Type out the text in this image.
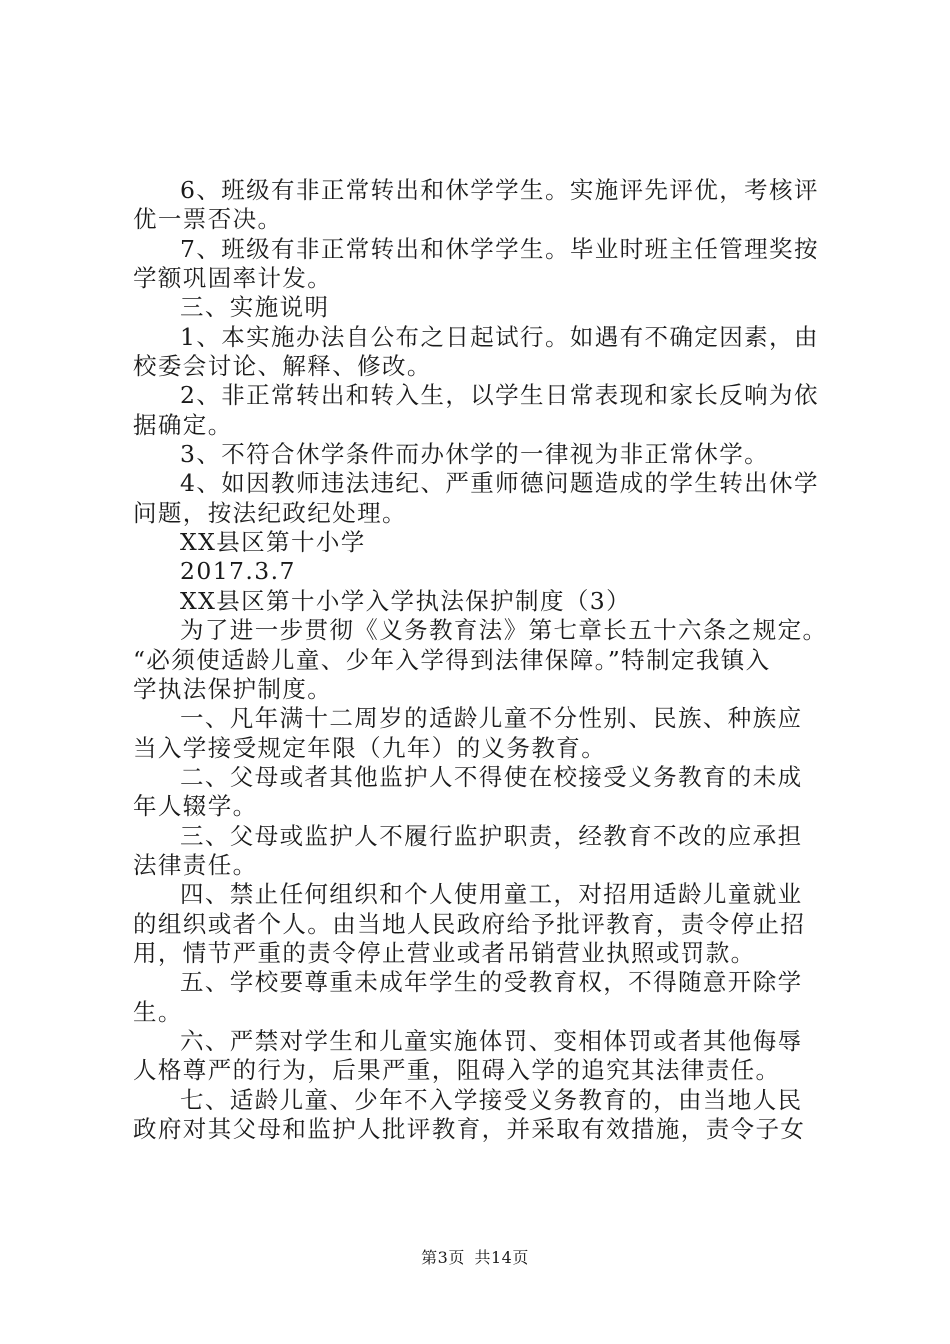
6、班级有非正常转出和休学学生。实施评先评优，考核评
优一票否决。
7、班级有非正常转出和休学学生。毕业时班主任管理奖按
学额巩固率计发。
三、实施说明
1、本实施办法自公布之日起试行。如遇有不确定因素，由
校委会讨论、解释、修改。
2、非正常转出和转入生，以学生日常表现和家长反响为依
据确定。
3、不符合休学条件而办休学的一律视为非正常休学。
4、如因教师违法违纪、严重师德问题造成的学生转出休学
问题，按法纪政纪处理。
XX县区第十小学
2017.3.7
XX县区第十小学入学执法保护制度（3）
为了进一步贯彻《义务教育法》第七章长五十六条之规定。
“必须使适龄儿童、少年入学得到法律保障。”特制定我镇入
学执法保护制度。
一、凡年满十二周岁的适龄儿童不分性别、民族、种族应
当入学接受规定年限（九年）的义务教育。
二、父母或者其他监护人不得使在校接受义务教育的未成
年人辍学。
三、父母或监护人不履行监护职责，经教育不改的应承担
法律责任。
四、禁止任何组织和个人使用童工，对招用适龄儿童就业
的组织或者个人。由当地人民政府给予批评教育，责令停止招
用，情节严重的责令停止营业或者吊销营业执照或罚款。
五、学校要尊重未成年学生的受教育权，不得随意开除学
生。
六、严禁对学生和儿童实施体罚、变相体罚或者其他侮辱
人格尊严的行为，后果严重，阻碍入学的追究其法律责任。
七、适龄儿童、少年不入学接受义务教育的，由当地人民
政府对其父母和监护人批评教育，并采取有效措施，责令子女
第3页 共14页
